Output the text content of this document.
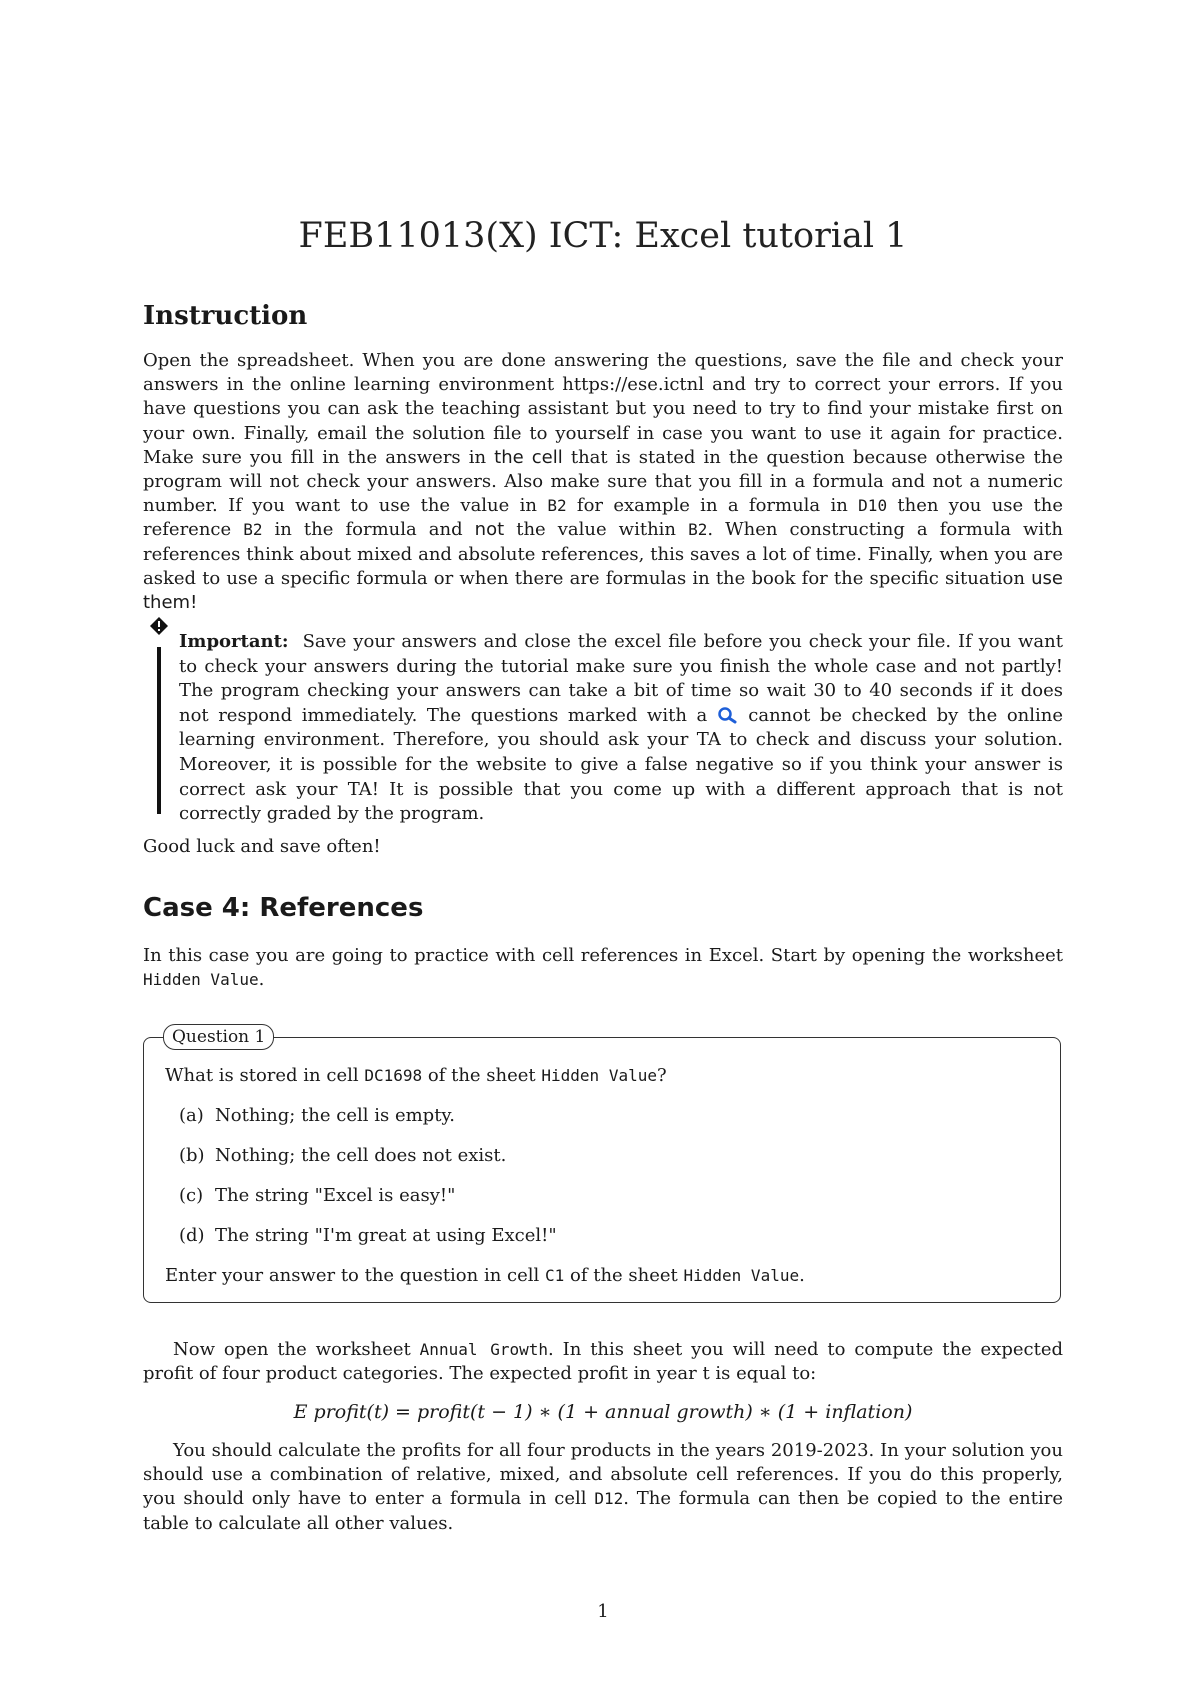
FEB11013(X) ICT: Excel tutorial 1
Instruction
Open the spreadsheet. When you are done answering the questions, save the file and check your answers in the online learning environment https://ese.ictnl and try to correct your errors. If you have questions you can ask the teaching assistant but you need to try to find your mistake first on your own. Finally, email the solution file to yourself in case you want to use it again for practice. Make sure you fill in the answers in the cell that is stated in the question because otherwise the program will not check your answers. Also make sure that you fill in a formula and not a numeric number. If you want to use the value in B2 for example in a formula in D10 then you use the reference B2 in the formula and not the value within B2. When constructing a formula with references think about mixed and absolute references, this saves a lot of time. Finally, when you are asked to use a specific formula or when there are formulas in the book for the specific situation use them!
Important: Save your answers and close the excel file before you check your file. If you want to check your answers during the tutorial make sure you finish the whole case and not partly! The program checking your answers can take a bit of time so wait 30 to 40 seconds if it does not respond immediately. The questions marked with a  cannot be checked by the online learning environment. Therefore, you should ask your TA to check and discuss your solution. Moreover, it is possible for the website to give a false negative so if you think your answer is correct ask your TA! It is possible that you come up with a different approach that is not correctly graded by the program.
Good luck and save often!
Case 4: References
In this case you are going to practice with cell references in Excel. Start by opening the worksheet Hidden Value.
Question 1
What is stored in cell DC1698 of the sheet Hidden Value?
(a) Nothing; the cell is empty.
(b) Nothing; the cell does not exist.
(c) The string "Excel is easy!"
(d) The string "I'm great at using Excel!"
Enter your answer to the question in cell C1 of the sheet Hidden Value.
Now open the worksheet Annual Growth. In this sheet you will need to compute the expected profit of four product categories. The expected profit in year t is equal to:
E profit(t) = profit(t − 1) ∗ (1 + annual growth) ∗ (1 + inflation)
You should calculate the profits for all four products in the years 2019-2023. In your solution you should use a combination of relative, mixed, and absolute cell references. If you do this properly, you should only have to enter a formula in cell D12. The formula can then be copied to the entire table to calculate all other values.
1
